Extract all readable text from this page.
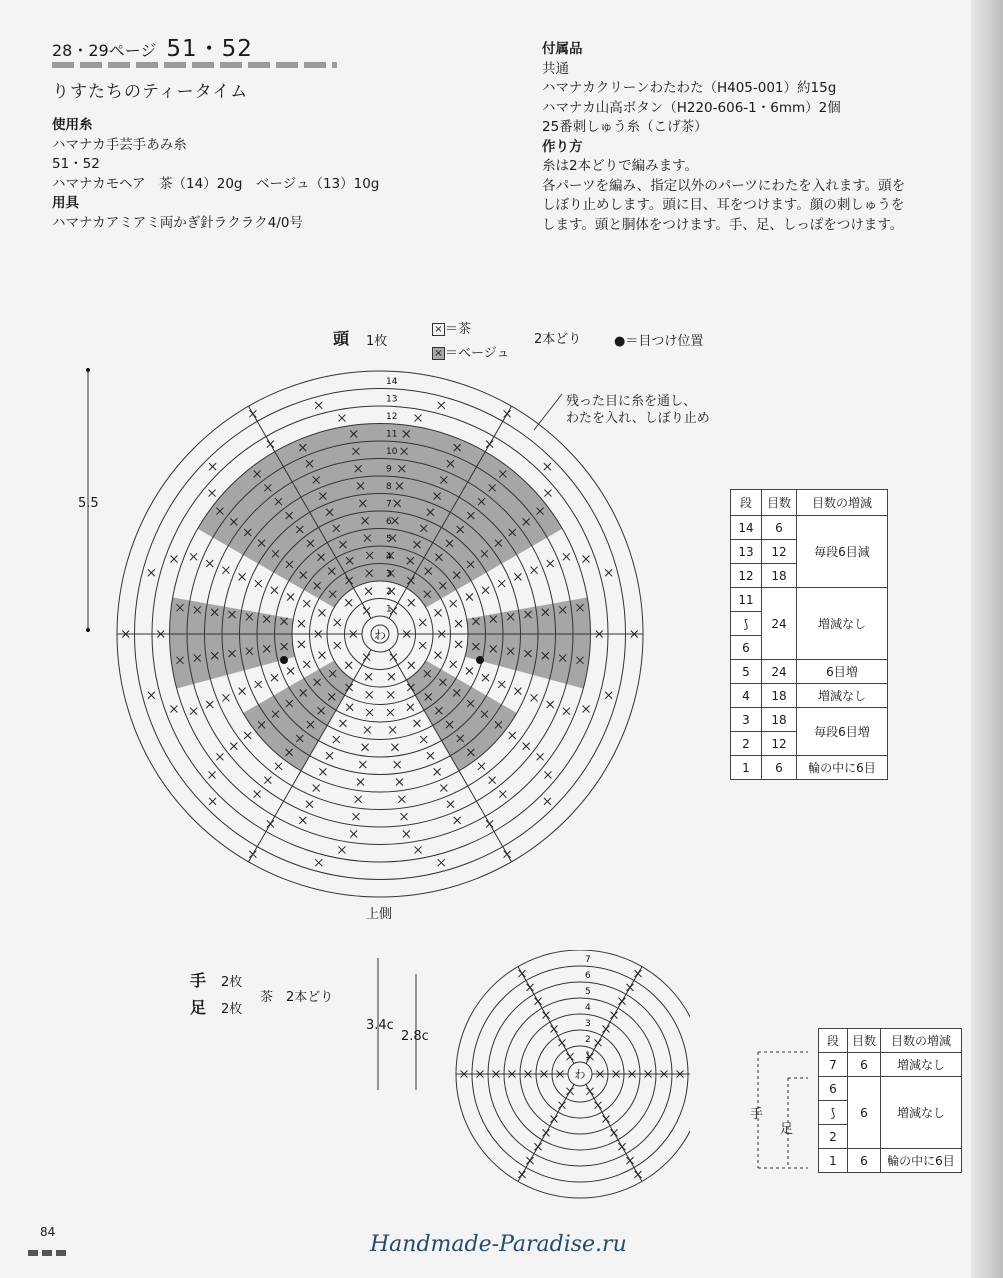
28・29ページ 51・52
りすたちのティータイム
使用糸
ハマナカ手芸手あみ糸
51・52
ハマナカモヘア　茶（14）20g　ベージュ（13）10g
用具
ハマナカアミアミ両かぎ針ラクラク4/0号
付属品
共通
ハマナカクリーンわたわた（H405-001）約15g
ハマナカ山高ボタン（H220-606-1・6mm）2個
25番刺しゅう糸（こげ茶）
作り方
糸は2本どりで編みます。
各パーツを編み、指定以外のパーツにわたを入れます。頭を
しぼり止めします。頭に目、耳をつけます。顔の刺しゅうを
します。頭と胴体をつけます。手、足、しっぽをつけます。
頭 1枚
× ＝茶
× ＝ベージュ
2本どり	●＝目つけ位置
残った目に糸を通し、
わたを入れ、しぼり止め
5.5
上側
1
2
3
4
5
6
7
8
9
10
11
12
13
14
わ
段	目数	目数の増減
14	6	毎段6目減
13	12	
12	18	
11	24	増減なし
⟆		
6		
5	24	6目増
4	18	増減なし
3	18	毎段6目増
2	12	
1	6	輪の中に6目
手 2枚
足 2枚
茶　2本どり
3.4c
2.8c
1
2
3
4
5
6
7
わ
段	目数	目数の増減
7	6	増減なし
6	6	増減なし
⟆		
2		
1	6	輪の中に6目
手
足
84	Handmade-Paradise.ru
